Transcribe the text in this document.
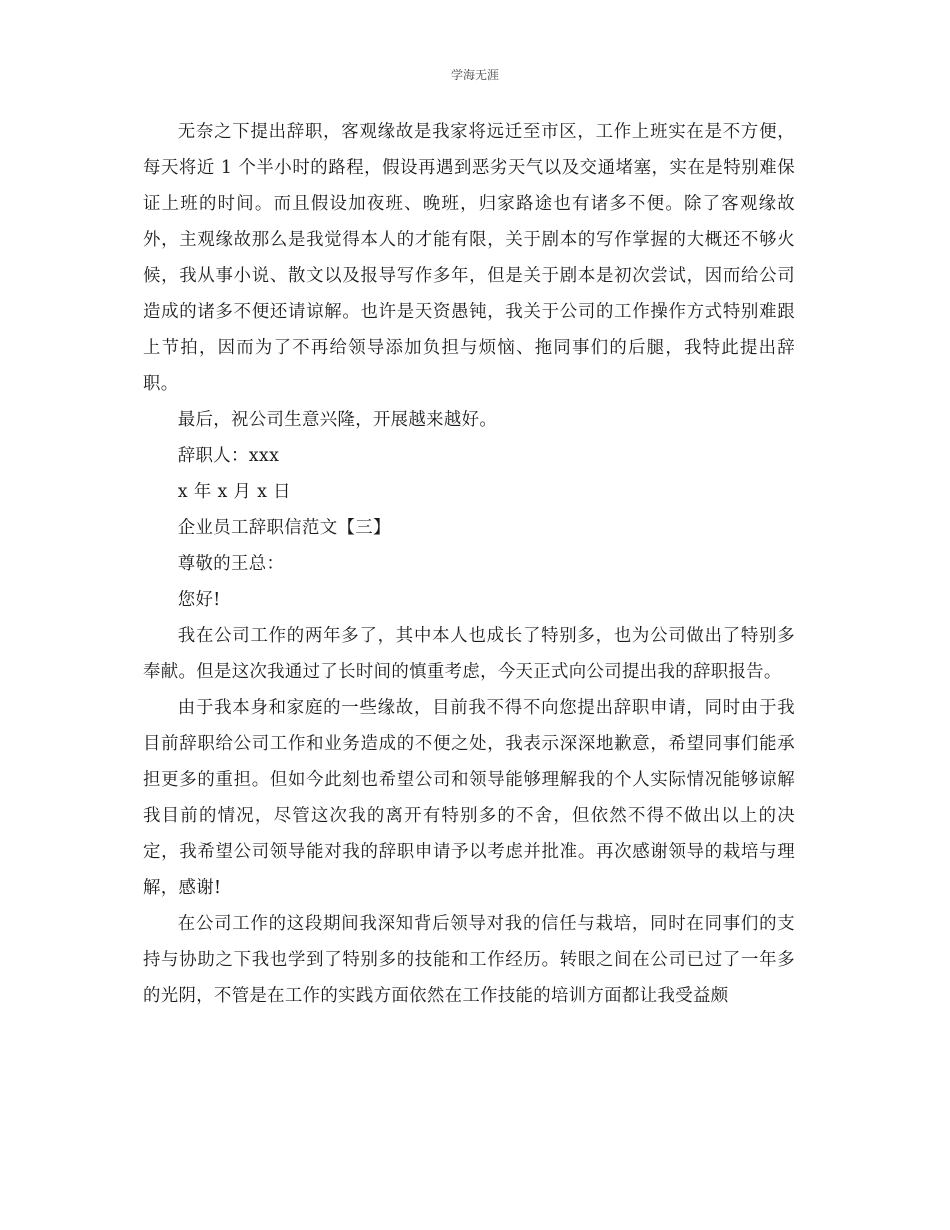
学海无涯

无奈之下提出辞职，客观缘故是我家将远迁至市区，工作上班实在是不方便，每天将近 1 个半小时的路程，假设再遇到恶劣天气以及交通堵塞，实在是特别难保证上班的时间。而且假设加夜班、晚班，归家路途也有诸多不便。除了客观缘故外，主观缘故那么是我觉得本人的才能有限，关于剧本的写作掌握的大概还不够火候，我从事小说、散文以及报导写作多年，但是关于剧本是初次尝试，因而给公司造成的诸多不便还请谅解。也许是天资愚钝，我关于公司的工作操作方式特别难跟上节拍，因而为了不再给领导添加负担与烦恼、拖同事们的后腿，我特此提出辞职。

最后，祝公司生意兴隆，开展越来越好。

辞职人：xxx

x 年 x 月 x 日

企业员工辞职信范文【三】

尊敬的王总：

您好!

我在公司工作的两年多了，其中本人也成长了特别多，也为公司做出了特别多奉献。但是这次我通过了长时间的慎重考虑，今天正式向公司提出我的辞职报告。

由于我本身和家庭的一些缘故，目前我不得不向您提出辞职申请，同时由于我目前辞职给公司工作和业务造成的不便之处，我表示深深地歉意，希望同事们能承担更多的重担。但如今此刻也希望公司和领导能够理解我的个人实际情况能够谅解我目前的情况，尽管这次我的离开有特别多的不舍，但依然不得不做出以上的决定，我希望公司领导能对我的辞职申请予以考虑并批准。再次感谢领导的栽培与理解，感谢!

在公司工作的这段期间我深知背后领导对我的信任与栽培，同时在同事们的支持与协助之下我也学到了特别多的技能和工作经历。转眼之间在公司已过了一年多的光阴，不管是在工作的实践方面依然在工作技能的培训方面都让我受益颇
